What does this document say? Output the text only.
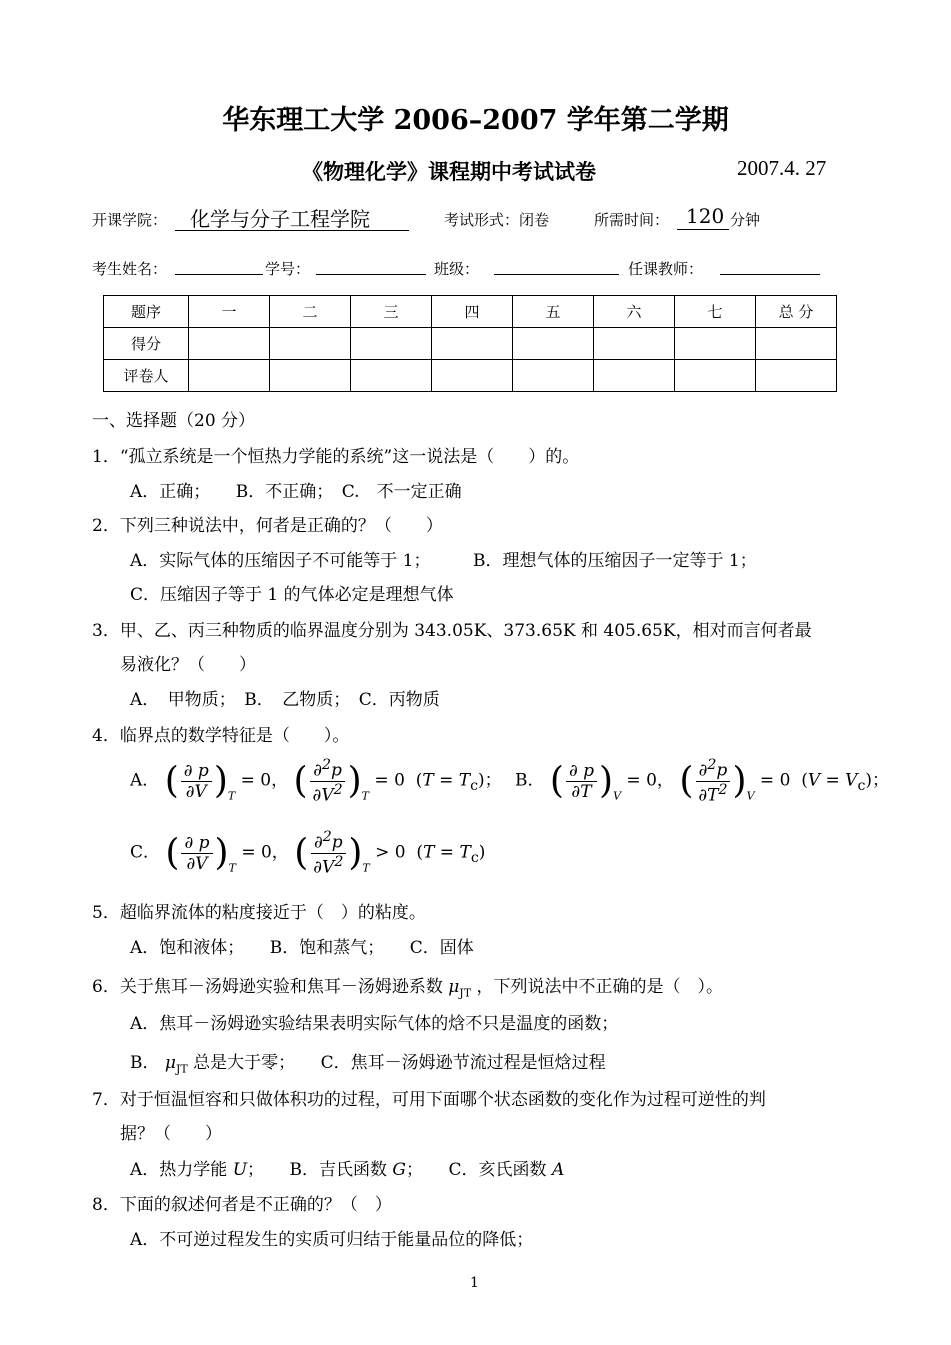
华东理工大学 2006–2007 学年第二学期
《物理化学》课程期中考试试卷	2007.4. 27
开课学院： 化学与分子工程学院	考试形式：闭卷	所需时间： 120 分钟
考生姓名：	学号：	班级：	任课教师：
题序	一	二	三	四	五	六	七	总 分
得分								
评卷人								
一、选择题（20 分）
1．“孤立系统是一个恒热力学能的系统”这一说法是（　　）的。
A．正确；　　B．不正确；　C.　不一定正确
2．下列三种说法中，何者是正确的？（　　）
A．实际气体的压缩因子不可能等于 1；　　　B．理想气体的压缩因子一定等于 1；
C．压缩因子等于 1 的气体必定是理想气体
3．甲、乙、丙三种物质的临界温度分别为 343.05K、373.65K 和 405.65K，相对而言何者最
易液化？（　　）
A．　甲物质；　B．　乙物质；　C．丙物质
4．临界点的数学特征是（　　）。
A． ( $\frac{\partial p}{\partial V} )_T = 0$， ( $\frac{\partial^2p}{\partial V^2} )_T = 0$  $(T = T_c)$； B． ( $\frac{\partial p}{\partial T} )_V = 0$， ( $\frac{\partial^2p}{\partial T^2} )_V = 0$  $(V = V_c)$；
C． ( $\frac{\partial p}{\partial V} )_T = 0$， ( $\frac{\partial^2p}{\partial V^2} )_T > 0$  $(T = T_c)$
5．超临界流体的粘度接近于（　）的粘度。
A．饱和液体；　　B．饱和蒸气；　　C．固体
6．关于焦耳－汤姆逊实验和焦耳－汤姆逊系数 $\mu_{JT}$ ，下列说法中不正确的是（　）。
A．焦耳－汤姆逊实验结果表明实际气体的焓不只是温度的函数；
B． $\mu_{JT}$ 总是大于零；　　C．焦耳－汤姆逊节流过程是恒焓过程
7．对于恒温恒容和只做体积功的过程，可用下面哪个状态函数的变化作为过程可逆性的判
据？（　　）
A．热力学能 U；　　B．吉氏函数 G；　　C．亥氏函数 A
8．下面的叙述何者是不正确的？（　）
A．不可逆过程发生的实质可归结于能量品位的降低；
1
